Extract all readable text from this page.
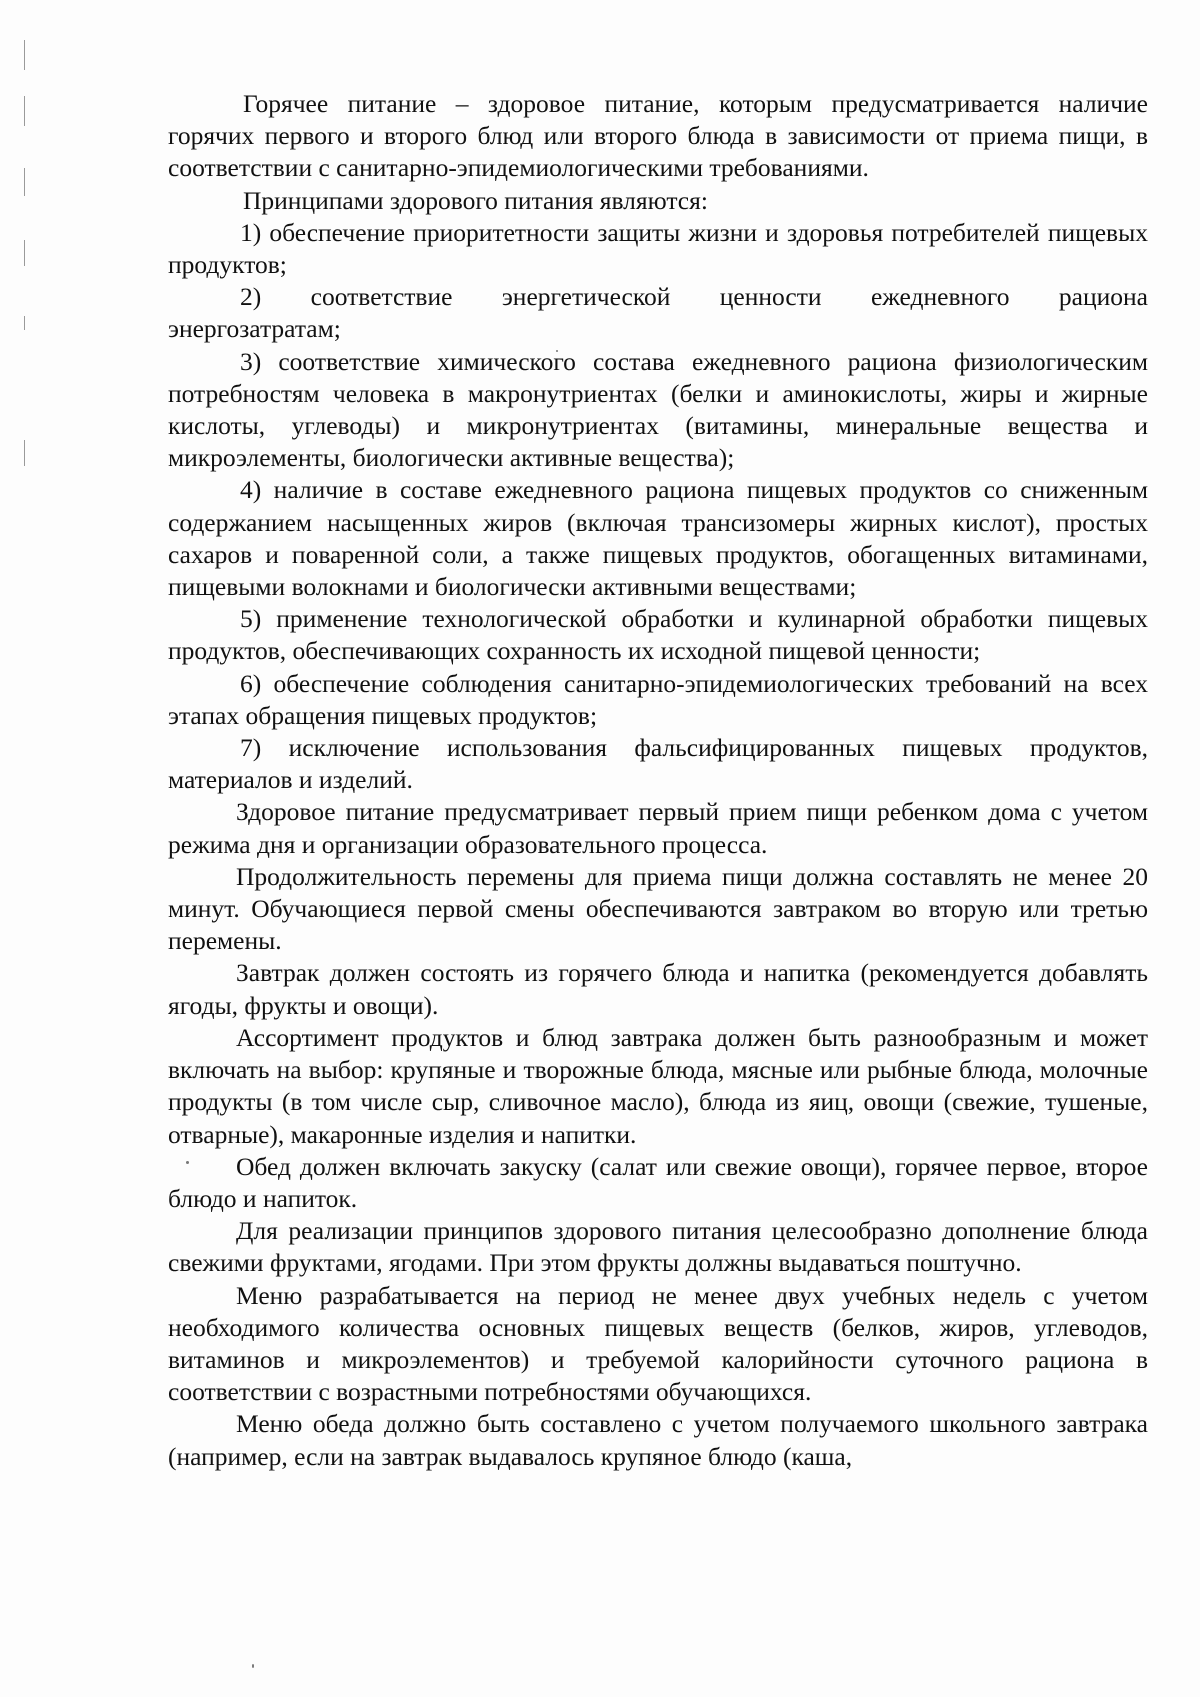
Горячее питание – здоровое питание, которым предусматривается наличие горячих первого и второго блюд или второго блюда в зависимости от приема пищи, в соответствии с санитарно-эпидемиологическими требованиями.

Принципами здорового питания являются:

1) обеспечение приоритетности защиты жизни и здоровья потребителей пищевых продуктов;

2) соответствие энергетической ценности ежедневного рациона энергозатратам;

3) соответствие химического состава ежедневного рациона физиологическим потребностям человека в макронутриентах (белки и аминокислоты, жиры и жирные кислоты, углеводы) и микронутриентах (витамины, минеральные вещества и микроэлементы, биологически активные вещества);

4) наличие в составе ежедневного рациона пищевых продуктов со сниженным содержанием насыщенных жиров (включая трансизомеры жирных кислот), простых сахаров и поваренной соли, а также пищевых продуктов, обогащенных витаминами, пищевыми волокнами и биологически активными веществами;

5) применение технологической обработки и кулинарной обработки пищевых продуктов, обеспечивающих сохранность их исходной пищевой ценности;

6) обеспечение соблюдения санитарно-эпидемиологических требований на всех этапах обращения пищевых продуктов;

7) исключение использования фальсифицированных пищевых продуктов, материалов и изделий.

Здоровое питание предусматривает первый прием пищи ребенком дома с учетом режима дня и организации образовательного процесса.

Продолжительность перемены для приема пищи должна составлять не менее 20 минут. Обучающиеся первой смены обеспечиваются завтраком во вторую или третью перемены.

Завтрак должен состоять из горячего блюда и напитка (рекомендуется добавлять ягоды, фрукты и овощи).

Ассортимент продуктов и блюд завтрака должен быть разнообразным и может включать на выбор: крупяные и творожные блюда, мясные или рыбные блюда, молочные продукты (в том числе сыр, сливочное масло), блюда из яиц, овощи (свежие, тушеные, отварные), макаронные изделия и напитки.

Обед должен включать закуску (салат или свежие овощи), горячее первое, второе блюдо и напиток.

Для реализации принципов здорового питания целесообразно дополнение блюда свежими фруктами, ягодами. При этом фрукты должны выдаваться поштучно.

Меню разрабатывается на период не менее двух учебных недель с учетом необходимого количества основных пищевых веществ (белков, жиров, углеводов, витаминов и микроэлементов) и требуемой калорийности суточного рациона в соответствии с возрастными потребностями обучающихся.

Меню обеда должно быть составлено с учетом получаемого школьного завтрака (например, если на завтрак выдавалось крупяное блюдо (каша,
